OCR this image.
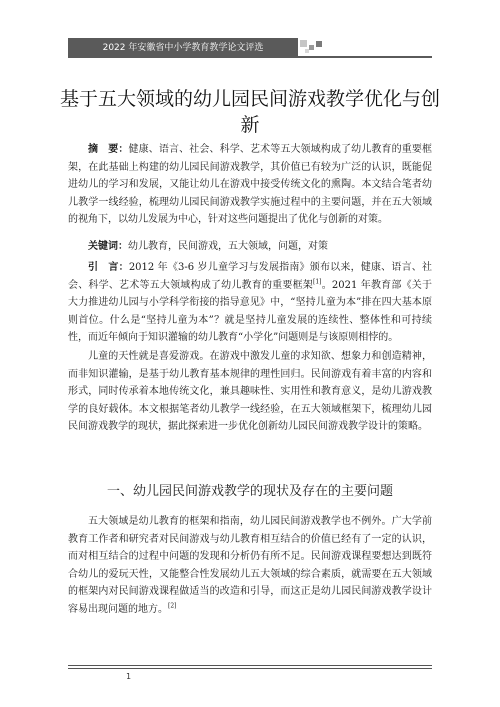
2022 年安徽省中小学教育教学论文评选
基于五大领域的幼儿园民间游戏教学优化与创新

摘　要：健康、语言、社会、科学、艺术等五大领域构成了幼儿教育的重要框架，在此基础上构建的幼儿园民间游戏教学，其价值已有较为广泛的认识，既能促进幼儿的学习和发展，又能让幼儿在游戏中接受传统文化的熏陶。本文结合笔者幼儿教学一线经验，梳理幼儿园民间游戏教学实施过程中的主要问题，并在五大领域的视角下，以幼儿发展为中心，针对这些问题提出了优化与创新的对策。

关键词：幼儿教育，民间游戏，五大领域，问题，对策

引　言：2012 年《3-6 岁儿童学习与发展指南》颁布以来，健康、语言、社会、科学、艺术等五大领域构成了幼儿教育的重要框架[1]。2021 年教育部《关于大力推进幼儿园与小学科学衔接的指导意见》中，“坚持儿童为本”排在四大基本原则首位。什么是“坚持儿童为本”？就是坚持儿童发展的连续性、整体性和可持续性，而近年倾向于知识灌输的幼儿教育“小学化”问题则是与该原则相悖的。

儿童的天性就是喜爱游戏。在游戏中激发儿童的求知欲、想象力和创造精神，而非知识灌输，是基于幼儿教育基本规律的理性回归。民间游戏有着丰富的内容和形式，同时传承着本地传统文化，兼具趣味性、实用性和教育意义，是幼儿游戏教学的良好载体。本文根据笔者幼儿教学一线经验，在五大领域框架下，梳理幼儿园民间游戏教学的现状，据此探索进一步优化创新幼儿园民间游戏教学设计的策略。

一、幼儿园民间游戏教学的现状及存在的主要问题

五大领域是幼儿教育的框架和指南，幼儿园民间游戏教学也不例外。广大学前教育工作者和研究者对民间游戏与幼儿教育相互结合的价值已经有了一定的认识，而对相互结合的过程中问题的发现和分析仍有所不足。民间游戏课程要想达到既符合幼儿的爱玩天性，又能整合性发展幼儿五大领域的综合素质，就需要在五大领域的框架内对民间游戏课程做适当的改造和引导，而这正是幼儿园民间游戏教学设计容易出现问题的地方。[2]

1
